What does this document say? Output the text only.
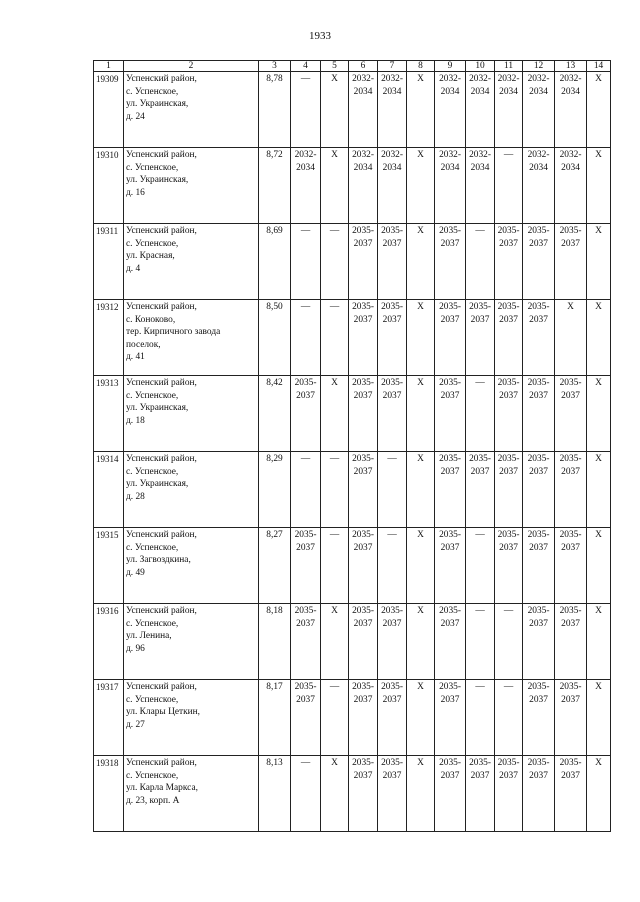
1933
1	2	3	4	5	6	7	8	9	10	11	12	13	14
19309	Успенский район,
с. Успенское,
ул. Украинская,
д. 24	8,78	—	X	2032-
2034	2032-
2034	X	2032-
2034	2032-
2034	2032-
2034	2032-
2034	2032-
2034	X
19310	Успенский район,
с. Успенское,
ул. Украинская,
д. 16	8,72	2032-
2034	X	2032-
2034	2032-
2034	X	2032-
2034	2032-
2034	—	2032-
2034	2032-
2034	X
19311	Успенский район,
с. Успенское,
ул. Красная,
д. 4	8,69	—	—	2035-
2037	2035-
2037	X	2035-
2037	—	2035-
2037	2035-
2037	2035-
2037	X
19312	Успенский район,
с. Коноково,
тер. Кирпичного завода
поселок,
д. 41	8,50	—	—	2035-
2037	2035-
2037	X	2035-
2037	2035-
2037	2035-
2037	2035-
2037	X	X
19313	Успенский район,
с. Успенское,
ул. Украинская,
д. 18	8,42	2035-
2037	X	2035-
2037	2035-
2037	X	2035-
2037	—	2035-
2037	2035-
2037	2035-
2037	X
19314	Успенский район,
с. Успенское,
ул. Украинская,
д. 28	8,29	—	—	2035-
2037	—	X	2035-
2037	2035-
2037	2035-
2037	2035-
2037	2035-
2037	X
19315	Успенский район,
с. Успенское,
ул. Загвоздкина,
д. 49	8,27	2035-
2037	—	2035-
2037	—	X	2035-
2037	—	2035-
2037	2035-
2037	2035-
2037	X
19316	Успенский район,
с. Успенское,
ул. Ленина,
д. 96	8,18	2035-
2037	X	2035-
2037	2035-
2037	X	2035-
2037	—	—	2035-
2037	2035-
2037	X
19317	Успенский район,
с. Успенское,
ул. Клары Цеткин,
д. 27	8,17	2035-
2037	—	2035-
2037	2035-
2037	X	2035-
2037	—	—	2035-
2037	2035-
2037	X
19318	Успенский район,
с. Успенское,
ул. Карла Маркса,
д. 23, корп. А	8,13	—	X	2035-
2037	2035-
2037	X	2035-
2037	2035-
2037	2035-
2037	2035-
2037	2035-
2037	X
